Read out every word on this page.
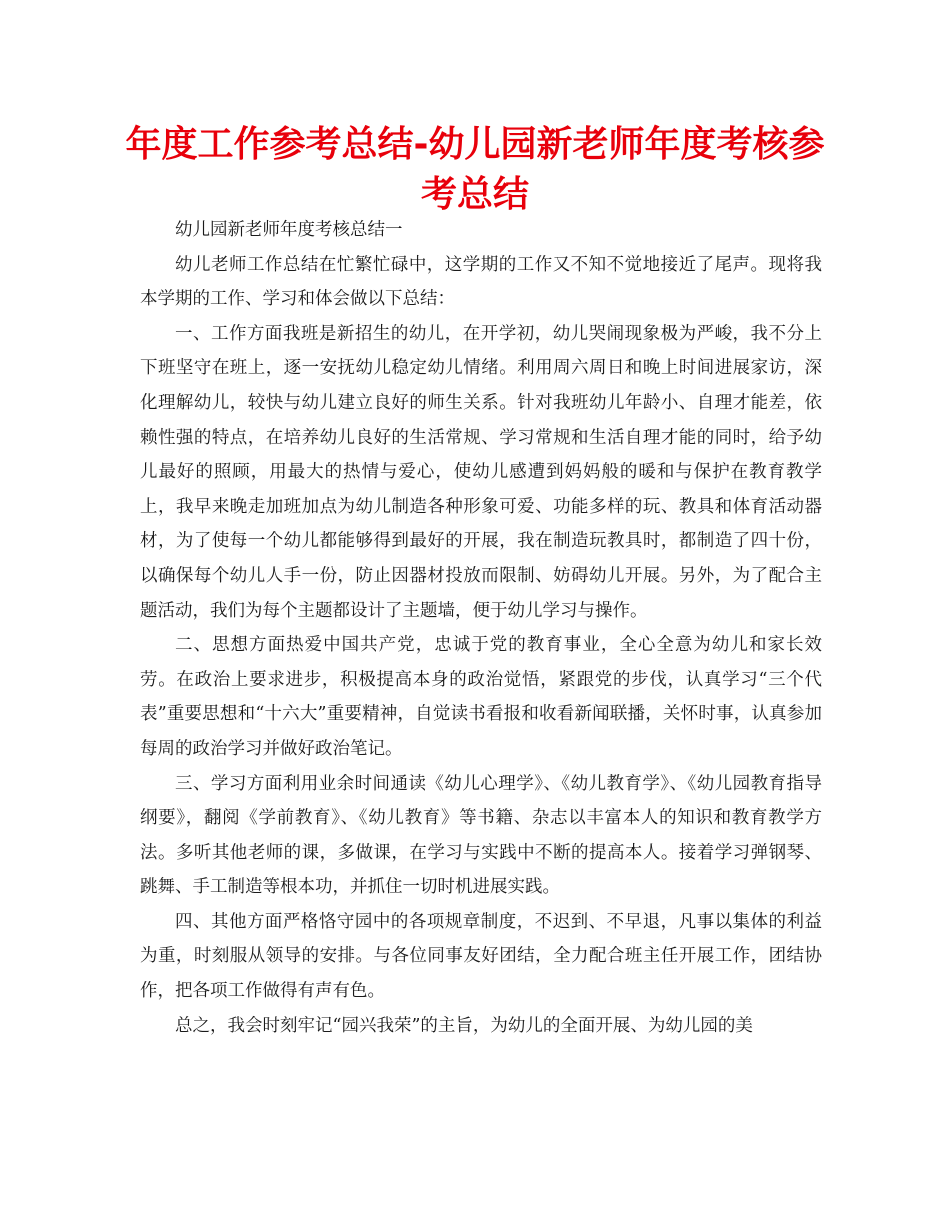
年度工作参考总结-幼儿园新老师年度考核参考总结

幼儿园新老师年度考核总结一

幼儿老师工作总结在忙繁忙碌中，这学期的工作又不知不觉地接近了尾声。现将我本学期的工作、学习和体会做以下总结：

一、工作方面我班是新招生的幼儿，在开学初，幼儿哭闹现象极为严峻，我不分上下班坚守在班上，逐一安抚幼儿稳定幼儿情绪。利用周六周日和晚上时间进展家访，深化理解幼儿，较快与幼儿建立良好的师生关系。针对我班幼儿年龄小、自理才能差，依赖性强的特点，在培养幼儿良好的生活常规、学习常规和生活自理才能的同时，给予幼儿最好的照顾，用最大的热情与爱心，使幼儿感遭到妈妈般的暖和与保护在教育教学上，我早来晚走加班加点为幼儿制造各种形象可爱、功能多样的玩、教具和体育活动器材，为了使每一个幼儿都能够得到最好的开展，我在制造玩教具时，都制造了四十份，以确保每个幼儿人手一份，防止因器材投放而限制、妨碍幼儿开展。另外，为了配合主题活动，我们为每个主题都设计了主题墙，便于幼儿学习与操作。

二、思想方面热爱中国共产党，忠诚于党的教育事业，全心全意为幼儿和家长效劳。在政治上要求进步，积极提高本身的政治觉悟，紧跟党的步伐，认真学习“三个代表”重要思想和“十六大”重要精神，自觉读书看报和收看新闻联播，关怀时事，认真参加每周的政治学习并做好政治笔记。

三、学习方面利用业余时间通读《幼儿心理学》、《幼儿教育学》、《幼儿园教育指导纲要》，翻阅《学前教育》、《幼儿教育》等书籍、杂志以丰富本人的知识和教育教学方法。多听其他老师的课，多做课，在学习与实践中不断的提高本人。接着学习弹钢琴、跳舞、手工制造等根本功，并抓住一切时机进展实践。

四、其他方面严格恪守园中的各项规章制度，不迟到、不早退，凡事以集体的利益为重，时刻服从领导的安排。与各位同事友好团结，全力配合班主任开展工作，团结协作，把各项工作做得有声有色。

总之，我会时刻牢记“园兴我荣”的主旨，为幼儿的全面开展、为幼儿园的美
